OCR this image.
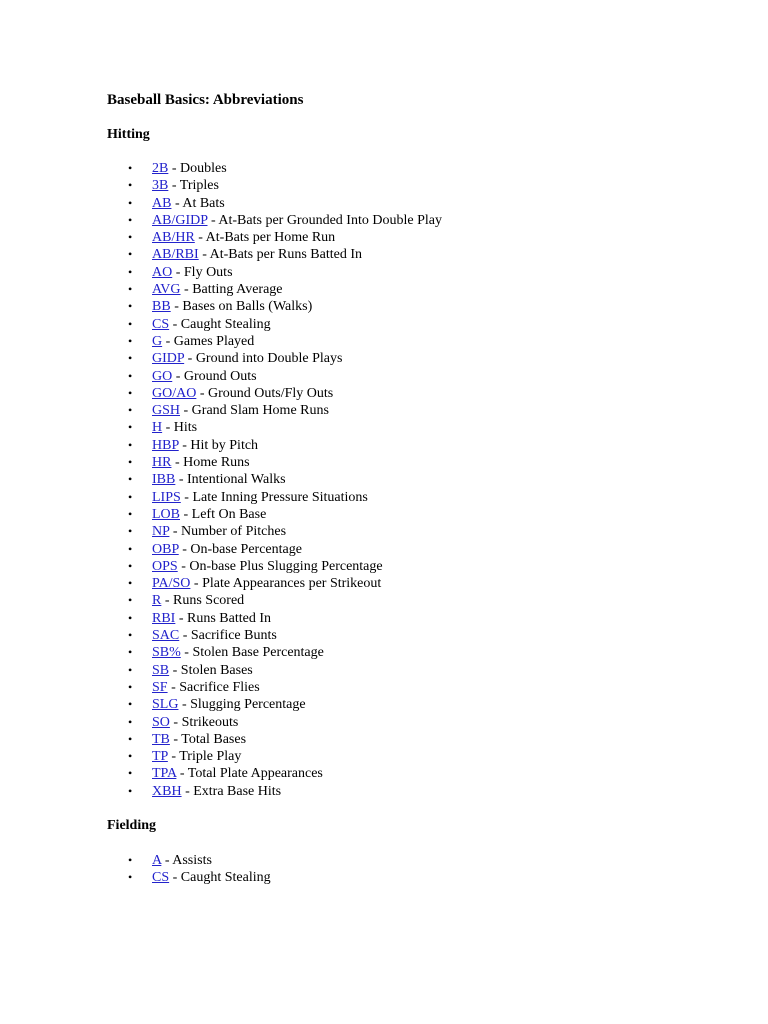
Baseball Basics: Abbreviations
Hitting
• 2B - Doubles
• 3B - Triples
• AB - At Bats
• AB/GIDP - At-Bats per Grounded Into Double Play
• AB/HR - At-Bats per Home Run
• AB/RBI - At-Bats per Runs Batted In
• AO - Fly Outs
• AVG - Batting Average
• BB - Bases on Balls (Walks)
• CS - Caught Stealing
• G - Games Played
• GIDP - Ground into Double Plays
• GO - Ground Outs
• GO/AO - Ground Outs/Fly Outs
• GSH - Grand Slam Home Runs
• H - Hits
• HBP - Hit by Pitch
• HR - Home Runs
• IBB - Intentional Walks
• LIPS - Late Inning Pressure Situations
• LOB - Left On Base
• NP - Number of Pitches
• OBP - On-base Percentage
• OPS - On-base Plus Slugging Percentage
• PA/SO - Plate Appearances per Strikeout
• R - Runs Scored
• RBI - Runs Batted In
• SAC - Sacrifice Bunts
• SB% - Stolen Base Percentage
• SB - Stolen Bases
• SF - Sacrifice Flies
• SLG - Slugging Percentage
• SO - Strikeouts
• TB - Total Bases
• TP - Triple Play
• TPA - Total Plate Appearances
• XBH - Extra Base Hits
Fielding
• A - Assists
• CS - Caught Stealing
